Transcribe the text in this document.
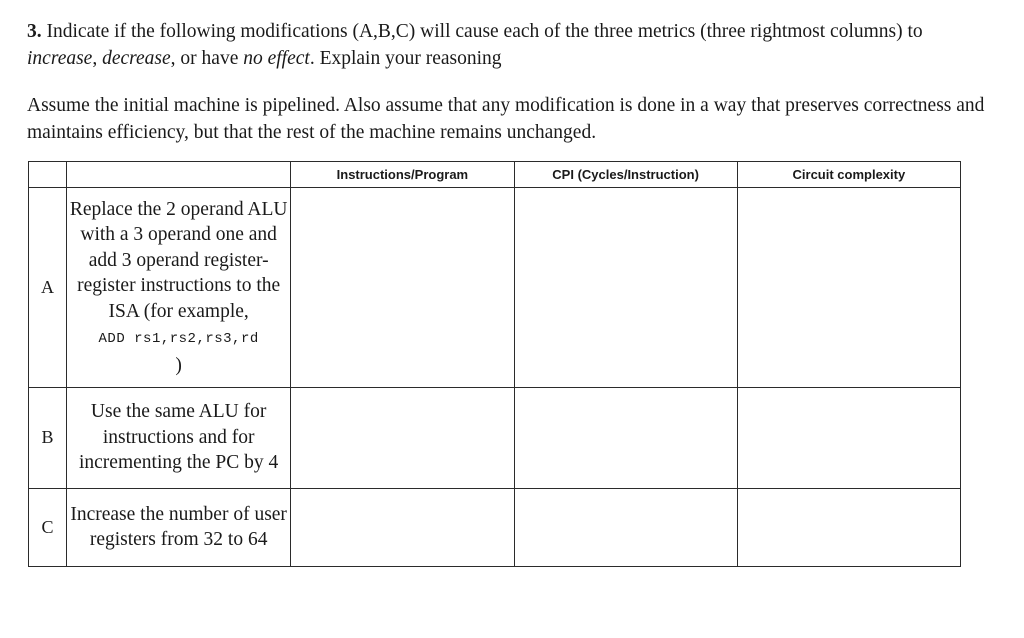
3. Indicate if the following modifications (A,B,C) will cause each of the three metrics (three rightmost columns) to increase, decrease, or have no effect. Explain your reasoning
Assume the initial machine is pipelined. Also assume that any modification is done in a way that preserves correctness and maintains efficiency, but that the rest of the machine remains unchanged.
		Instructions/Program	CPI (Cycles/Instruction)	Circuit complexity
A	Replace the 2 operand ALU with a 3 operand one and add 3 operand register-register instructions to the ISA (for example,
ADD rs1,rs2,rs3,rd
)			
B	Use the same ALU for instructions and for incrementing the PC by 4			
C	Increase the number of user registers from 32 to 64			
